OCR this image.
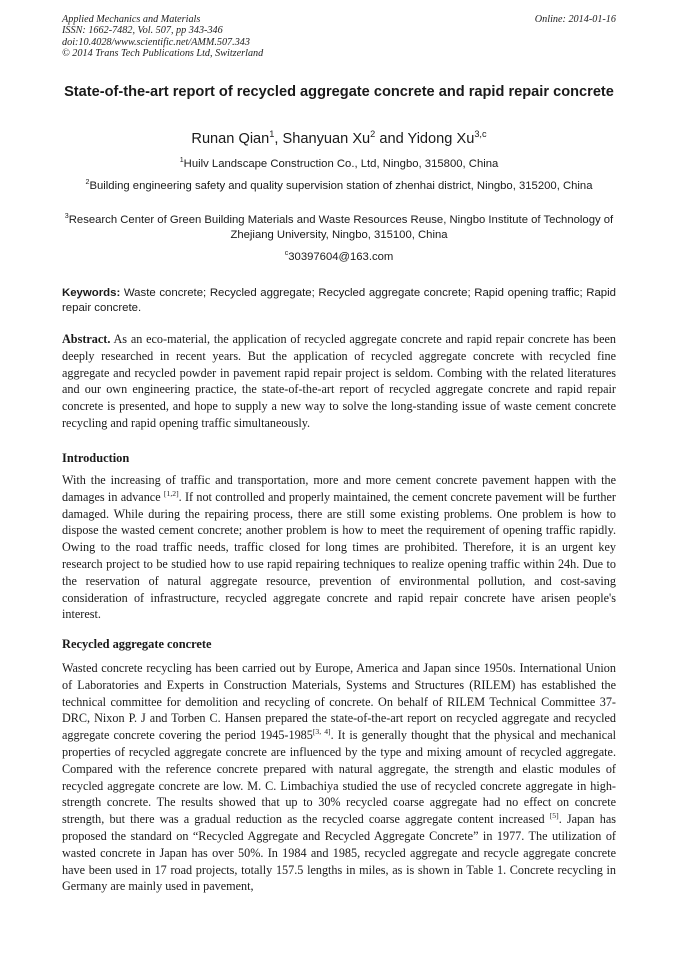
Applied Mechanics and Materials
ISSN: 1662-7482, Vol. 507, pp 343-346
doi:10.4028/www.scientific.net/AMM.507.343
© 2014 Trans Tech Publications Ltd, Switzerland
Online: 2014-01-16
State-of-the-art report of recycled aggregate concrete and rapid repair concrete
Runan Qian$^1$, Shanyuan Xu$^2$ and Yidong Xu$^{3,c}$
$^1$Huilv Landscape Construction Co., Ltd, Ningbo, 315800, China
$^2$Building engineering safety and quality supervision station of zhenhai district, Ningbo, 315200, China
$^3$Research Center of Green Building Materials and Waste Resources Reuse, Ningbo Institute of Technology of Zhejiang University, Ningbo, 315100, China
$^c$30397604@163.com
Keywords: Waste concrete; Recycled aggregate; Recycled aggregate concrete; Rapid opening traffic; Rapid repair concrete.
Abstract. As an eco-material, the application of recycled aggregate concrete and rapid repair concrete has been deeply researched in recent years. But the application of recycled aggregate concrete with recycled fine aggregate and recycled powder in pavement rapid repair project is seldom. Combing with the related literatures and our own engineering practice, the state-of-the-art report of recycled aggregate concrete and rapid repair concrete is presented, and hope to supply a new way to solve the long-standing issue of waste cement concrete recycling and rapid opening traffic simultaneously.
Introduction
With the increasing of traffic and transportation, more and more cement concrete pavement happen with the damages in advance [1,2]. If not controlled and properly maintained, the cement concrete pavement will be further damaged. While during the repairing process, there are still some existing problems. One problem is how to dispose the wasted cement concrete; another problem is how to meet the requirement of opening traffic rapidly. Owing to the road traffic needs, traffic closed for long times are prohibited. Therefore, it is an urgent key research project to be studied how to use rapid repairing techniques to realize opening traffic within 24h. Due to the reservation of natural aggregate resource, prevention of environmental pollution, and cost-saving consideration of infrastructure, recycled aggregate concrete and rapid repair concrete have arisen people's interest.
Recycled aggregate concrete
Wasted concrete recycling has been carried out by Europe, America and Japan since 1950s. International Union of Laboratories and Experts in Construction Materials, Systems and Structures (RILEM) has established the technical committee for demolition and recycling of concrete. On behalf of RILEM Technical Committee 37-DRC, Nixon P. J and Torben C. Hansen prepared the state-of-the-art report on recycled aggregate and recycled aggregate concrete covering the period 1945-1985[3, 4]. It is generally thought that the physical and mechanical properties of recycled aggregate concrete are influenced by the type and mixing amount of recycled aggregate. Compared with the reference concrete prepared with natural aggregate, the strength and elastic modules of recycled aggregate concrete are low. M. C. Limbachiya studied the use of recycled concrete aggregate in high-strength concrete. The results showed that up to 30% recycled coarse aggregate had no effect on concrete strength, but there was a gradual reduction as the recycled coarse aggregate content increased [5]. Japan has proposed the standard on “Recycled Aggregate and Recycled Aggregate Concrete” in 1977. The utilization of wasted concrete in Japan has over 50%. In 1984 and 1985, recycled aggregate and recycle aggregate concrete have been used in 17 road projects, totally 157.5 lengths in miles, as is shown in Table 1. Concrete recycling in Germany are mainly used in pavement,
